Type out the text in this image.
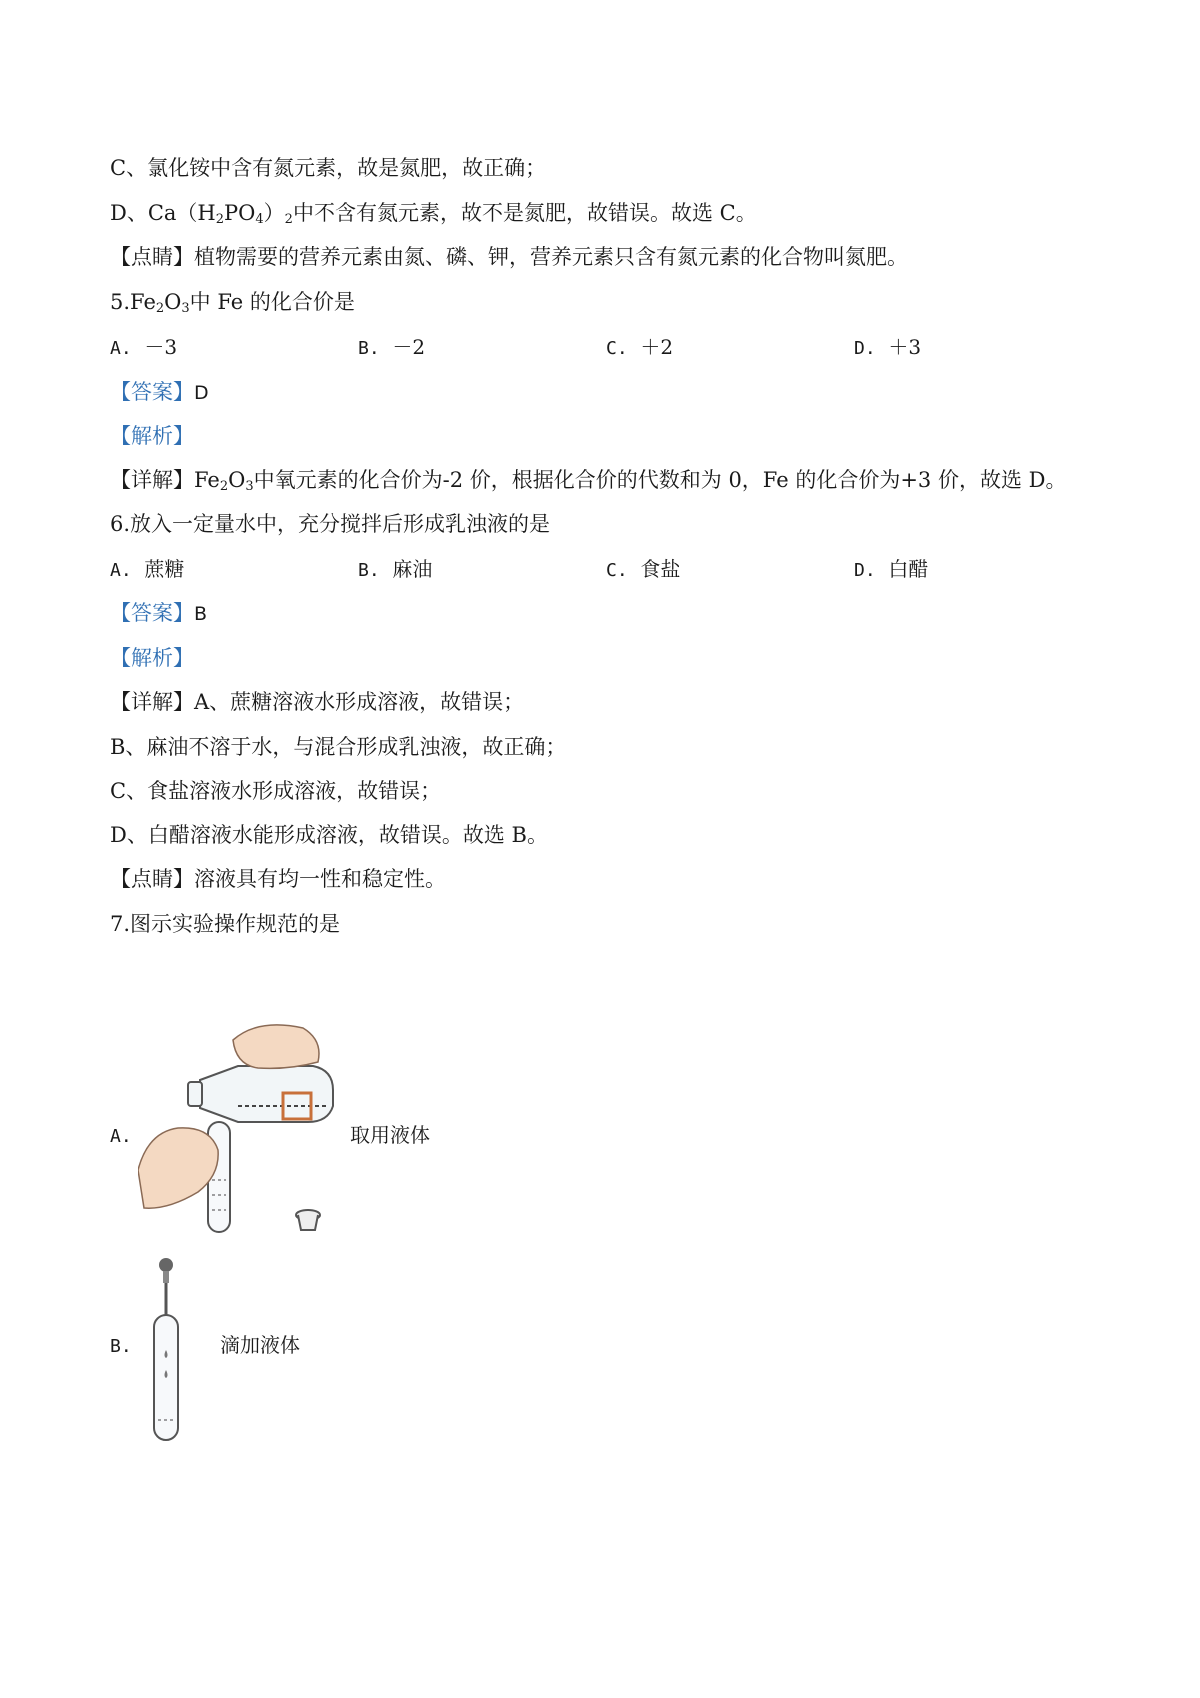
C、氯化铵中含有氮元素，故是氮肥，故正确；
D、$Ca(H_2PO_4)_2$中不含有氮元素，故不是氮肥，故错误。故选 C。
【点睛】植物需要的营养元素由氮、磷、钾，营养元素只含有氮元素的化合物叫氮肥。
$5.Fe_2O_3$中 Fe 的化合价是
A. －3	B. －2	C. ＋2	D. ＋3
【答案】D
【解析】
【详解】$Fe_2O_3$中氧元素的化合价为-2 价，根据化合价的代数和为 0，Fe 的化合价为+3 价，故选 D。
6.放入一定量水中，充分搅拌后形成乳浊液的是
A. 蔗糖	B. 麻油	C. 食盐	D. 白醋
【答案】B
【解析】
【详解】A、蔗糖溶液水形成溶液，故错误；
B、麻油不溶于水，与混合形成乳浊液，故正确；
C、食盐溶液水形成溶液，故错误；
D、白醋溶液水能形成溶液，故错误。故选 B。
【点睛】溶液具有均一性和稳定性。
7.图示实验操作规范的是
A.	取用液体
B.	滴加液体
